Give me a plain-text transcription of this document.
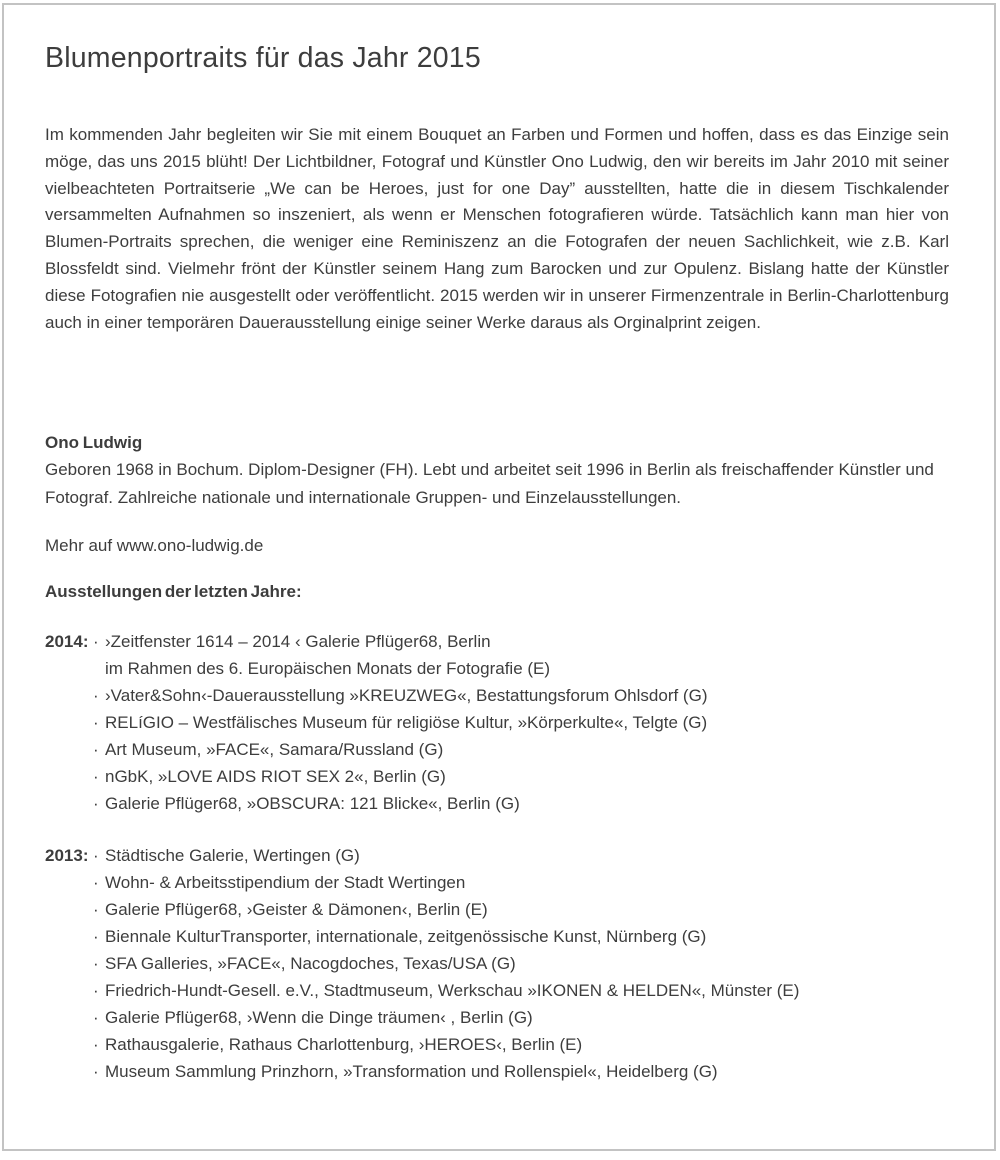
Blumenportraits für das Jahr 2015

Im kommenden Jahr begleiten wir Sie mit einem Bouquet an Farben und Formen und hoffen, dass es das Einzige sein möge, das uns 2015 blüht! Der Lichtbildner, Fotograf und Künstler Ono Ludwig, den wir bereits im Jahr 2010 mit seiner vielbeachteten Portraitserie „We can be Heroes, just for one Day” ausstellten, hatte die in diesem Tischkalender versammelten Aufnahmen so inszeniert, als wenn er Menschen fotografieren würde. Tatsächlich kann man hier von Blumen-Portraits sprechen, die weniger eine Reminiszenz an die Fotografen der neuen Sachlichkeit, wie z.B. Karl Blossfeldt sind. Vielmehr frönt der Künstler seinem Hang zum Barocken und zur Opulenz. Bislang hatte der Künstler diese Fotografien nie ausgestellt oder veröffentlicht. 2015 werden wir in unserer Firmenzentrale in Berlin-Charlottenburg auch in einer temporären Dauerausstellung einige seiner Werke daraus als Orginalprint zeigen.

Ono Ludwig

Geboren 1968 in Bochum. Diplom-Designer (FH). Lebt und arbeitet seit 1996 in Berlin als freischaffender Künstler und Fotograf. Zahlreiche nationale und internationale Gruppen- und Einzelausstellungen.

Mehr auf www.ono-ludwig.de

Ausstellungen der letzten Jahre:

2014: · ›Zeitfenster 1614 – 2014 ‹ Galerie Pflüger68, Berlin
im Rahmen des 6. Europäischen Monats der Fotografie (E)
· ›Vater&Sohn‹-Dauerausstellung »KREUZWEG«, Bestattungsforum Ohlsdorf (G)
· RELíGIO – Westfälisches Museum für religiöse Kultur, »Körperkulte«, Telgte (G)
· Art Museum, »FACE«, Samara/Russland (G)
· nGbK, »LOVE AIDS RIOT SEX 2«, Berlin (G)
· Galerie Pflüger68, »OBSCURA: 121 Blicke«, Berlin (G)
2013: · Städtische Galerie, Wertingen (G)
· Wohn- & Arbeitsstipendium der Stadt Wertingen
· Galerie Pflüger68, ›Geister & Dämonen‹, Berlin (E)
· Biennale KulturTransporter, internationale, zeitgenössische Kunst, Nürnberg (G)
· SFA Galleries, »FACE«, Nacogdoches, Texas/USA (G)
· Friedrich-Hundt-Gesell. e.V., Stadtmuseum, Werkschau »IKONEN & HELDEN«, Münster (E)
· Galerie Pflüger68, ›Wenn die Dinge träumen‹ , Berlin (G)
· Rathausgalerie, Rathaus Charlottenburg, ›HEROES‹, Berlin (E)
· Museum Sammlung Prinzhorn, »Transformation und Rollenspiel«, Heidelberg (G)
